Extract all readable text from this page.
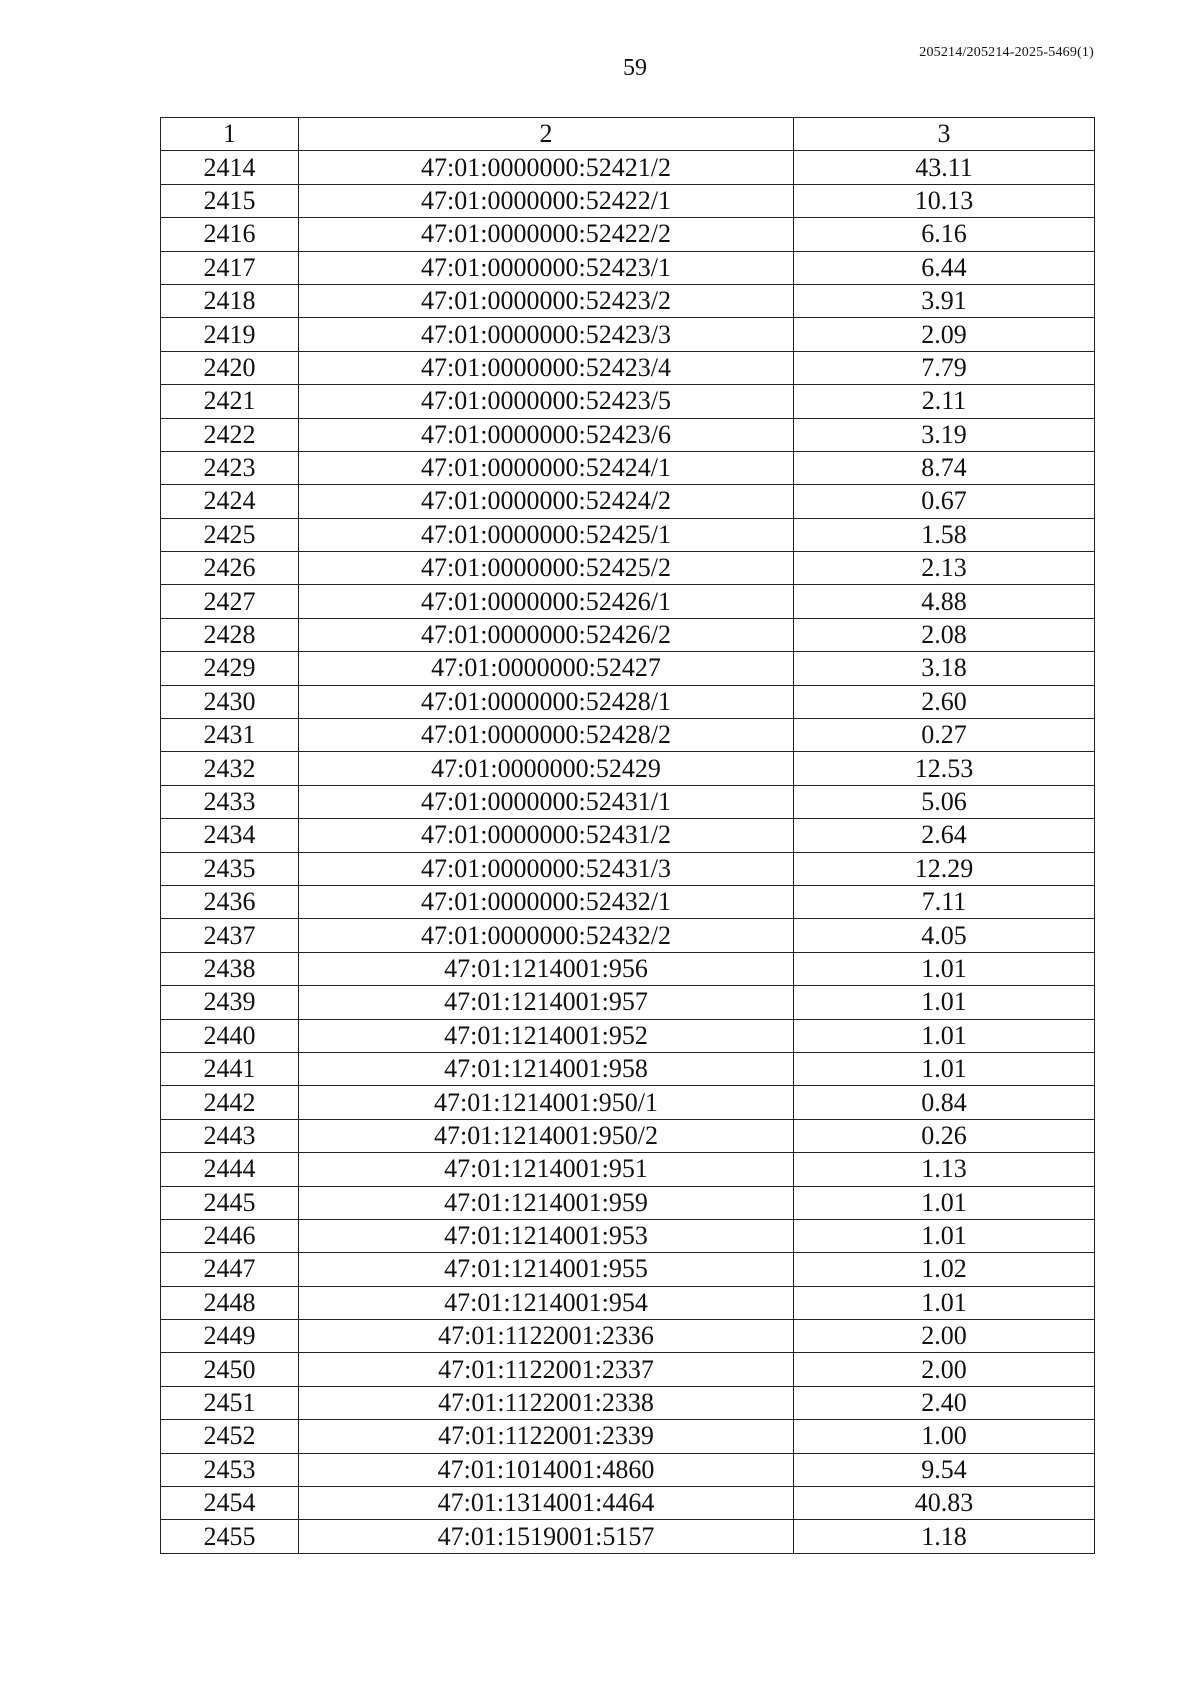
59
205214/205214-2025-5469(1)
1	2	3
2414	47:01:0000000:52421/2	43.11
2415	47:01:0000000:52422/1	10.13
2416	47:01:0000000:52422/2	6.16
2417	47:01:0000000:52423/1	6.44
2418	47:01:0000000:52423/2	3.91
2419	47:01:0000000:52423/3	2.09
2420	47:01:0000000:52423/4	7.79
2421	47:01:0000000:52423/5	2.11
2422	47:01:0000000:52423/6	3.19
2423	47:01:0000000:52424/1	8.74
2424	47:01:0000000:52424/2	0.67
2425	47:01:0000000:52425/1	1.58
2426	47:01:0000000:52425/2	2.13
2427	47:01:0000000:52426/1	4.88
2428	47:01:0000000:52426/2	2.08
2429	47:01:0000000:52427	3.18
2430	47:01:0000000:52428/1	2.60
2431	47:01:0000000:52428/2	0.27
2432	47:01:0000000:52429	12.53
2433	47:01:0000000:52431/1	5.06
2434	47:01:0000000:52431/2	2.64
2435	47:01:0000000:52431/3	12.29
2436	47:01:0000000:52432/1	7.11
2437	47:01:0000000:52432/2	4.05
2438	47:01:1214001:956	1.01
2439	47:01:1214001:957	1.01
2440	47:01:1214001:952	1.01
2441	47:01:1214001:958	1.01
2442	47:01:1214001:950/1	0.84
2443	47:01:1214001:950/2	0.26
2444	47:01:1214001:951	1.13
2445	47:01:1214001:959	1.01
2446	47:01:1214001:953	1.01
2447	47:01:1214001:955	1.02
2448	47:01:1214001:954	1.01
2449	47:01:1122001:2336	2.00
2450	47:01:1122001:2337	2.00
2451	47:01:1122001:2338	2.40
2452	47:01:1122001:2339	1.00
2453	47:01:1014001:4860	9.54
2454	47:01:1314001:4464	40.83
2455	47:01:1519001:5157	1.18
